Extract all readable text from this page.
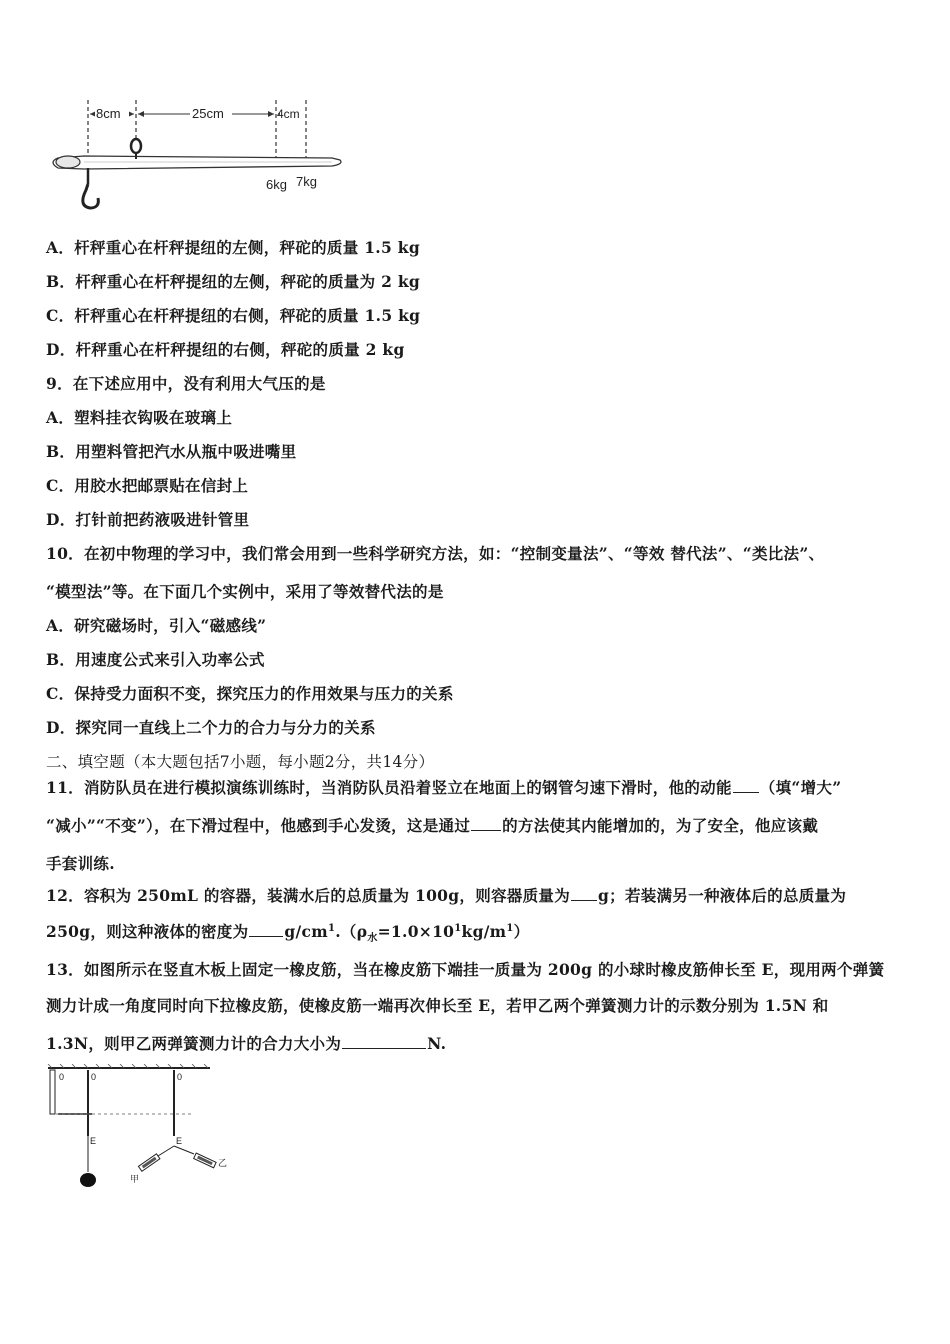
8cm	25cm	4cm
6kg 7kg
A．杆秤重心在杆秤提纽的左侧，秤砣的质量 1.5 kg
B．杆秤重心在杆秤提纽的左侧，秤砣的质量为 2 kg
C．杆秤重心在杆秤提纽的右侧，秤砣的质量 1.5 kg
D．杆秤重心在杆秤提纽的右侧，秤砣的质量 2 kg
9．在下述应用中，没有利用大气压的是
A．塑料挂衣钩吸在玻璃上
B．用塑料管把汽水从瓶中吸进嘴里
C．用胶水把邮票贴在信封上
D．打针前把药液吸进针管里
10．在初中物理的学习中，我们常会用到一些科学研究方法，如：“控制变量法”、“等效 替代法”、“类比法”、
“模型法”等。在下面几个实例中，采用了等效替代法的是
A．研究磁场时，引入“磁感线”
B．用速度公式来引入功率公式
C．保持受力面积不变，探究压力的作用效果与压力的关系
D．探究同一直线上二个力的合力与分力的关系
二、填空题（本大题包括7小题，每小题2分，共14分）
11．消防队员在进行模拟演练训练时，当消防队员沿着竖立在地面上的钢管匀速下滑时，他的动能 （填“增大”
“减小”“不变”），在下滑过程中，他感到手心发烫，这是通过 的方法使其内能增加的，为了安全，他应该戴
手套训练.
12．容积为 250mL 的容器，装满水后的总质量为 100g，则容器质量为 g；若装满另一种液体后的总质量为
250g，则这种液体的密度为 $g/cm^1.(\rho_水=1.0\times 10^1kg/m^1)$
13．如图所示在竖直木板上固定一橡皮筋，当在橡皮筋下端挂一质量为 200g 的小球时橡皮筋伸长至 E，现用两个弹簧
测力计成一角度同时向下拉橡皮筋，使橡皮筋一端再次伸长至 E，若甲乙两个弹簧测力计的示数分别为 1.5N 和
1.3N，则甲乙两弹簧测力计的合力大小为	N.
0	0
E
0
E
甲
乙
